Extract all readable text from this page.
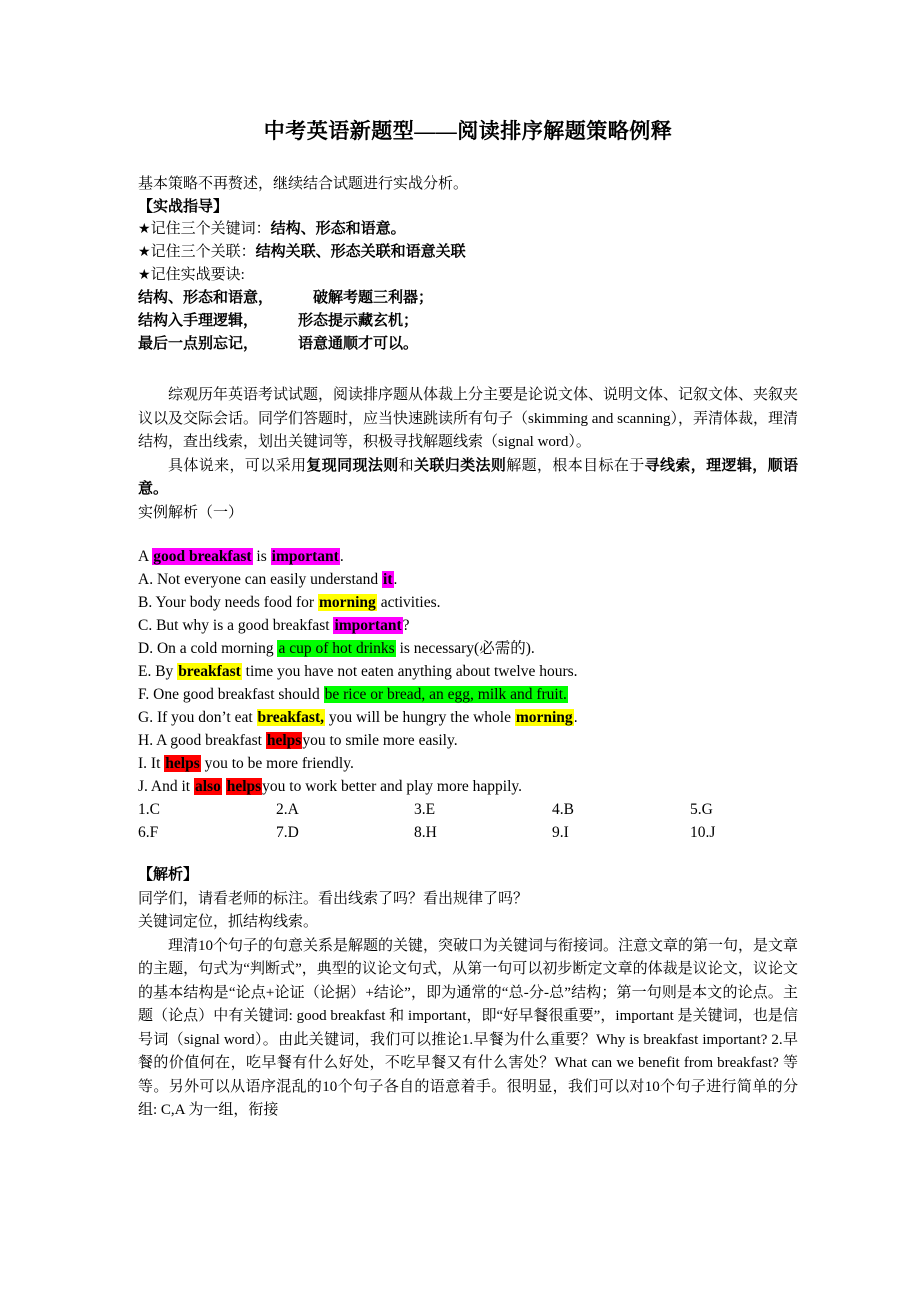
中考英语新题型——阅读排序解题策略例释

基本策略不再赘述，继续结合试题进行实战分析。

【实战指导】

★记住三个关键词：结构、形态和语意。

★记住三个关联：结构关联、形态关联和语意关联

★记住实战要诀:

结构、形态和语意，	破解考题三利器；

结构入手理逻辑，	形态提示藏玄机；

最后一点别忘记，	语意通顺才可以。

综观历年英语考试试题，阅读排序题从体裁上分主要是论说文体、说明文体、记叙文体、夹叙夹议以及交际会话。同学们答题时，应当快速跳读所有句子（skimming and scanning），弄清体裁，理清结构，查出线索，划出关键词等，积极寻找解题线索（signal word）。

具体说来，可以采用复现同现法则和关联归类法则解题，根本目标在于寻线索，理逻辑，顺语意。

实例解析（一）

A good breakfast is important.

A. Not everyone can easily understand it.

B. Your body needs food for morning activities.

C. But why is a good breakfast important?

D. On a cold morning a cup of hot drinks is necessary(必需的).

E. By breakfast time you have not eaten anything about twelve hours.

F. One good breakfast should be rice or bread, an egg, milk and fruit.

G. If you don’t eat breakfast, you will be hungry the whole morning.

H. A good breakfast helpsyou to smile more easily.

I. It helps you to be more friendly.

J. And it also helpsyou to work better and play more happily.

1.C	2.A	3.E	4.B	5.G
6.F	7.D	8.H	9.I	10.J

【解析】

同学们，请看老师的标注。看出线索了吗？看出规律了吗？

关键词定位，抓结构线索。

理清10个句子的句意关系是解题的关键，突破口为关键词与衔接词。注意文章的第一句，是文章的主题，句式为“判断式”，典型的议论文句式，从第一句可以初步断定文章的体裁是议论文，议论文的基本结构是“论点+论证（论据）+结论”，即为通常的“总-分-总”结构；第一句则是本文的论点。主题（论点）中有关键词: good breakfast 和 important，即“好早餐很重要”，important 是关键词，也是信号词（signal word）。由此关键词，我们可以推论1.早餐为什么重要？Why is breakfast important? 2.早餐的价值何在，吃早餐有什么好处，不吃早餐又有什么害处？What can we benefit from breakfast? 等等。另外可以从语序混乱的10个句子各自的语意着手。很明显，我们可以对10个句子进行简单的分组: C,A 为一组，衔接
